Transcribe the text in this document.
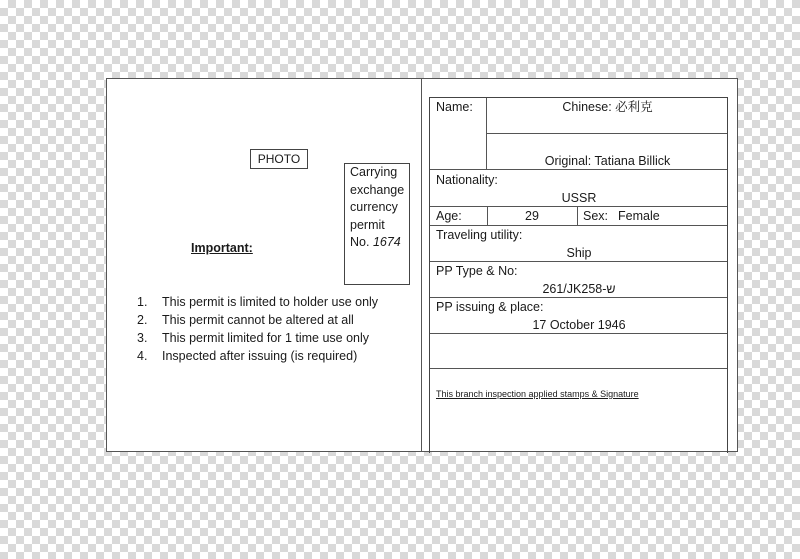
PHOTO
Carrying
exchange
currency
permit
No. 1674
Important:
1. This permit is limited to holder use only
2. This permit cannot be altered at all
3. This permit limited for 1 time use only
4. Inspected after issuing (is required)
Name:	Chinese: 必利克
Original: Tatiana Billick
Nationality:
USSR
Age:	29	Sex: Female
Traveling utility:
Ship
PP Type & No:
261/JKש-258
PP issuing & place:
17 October 1946
This branch inspection applied stamps & Signature
